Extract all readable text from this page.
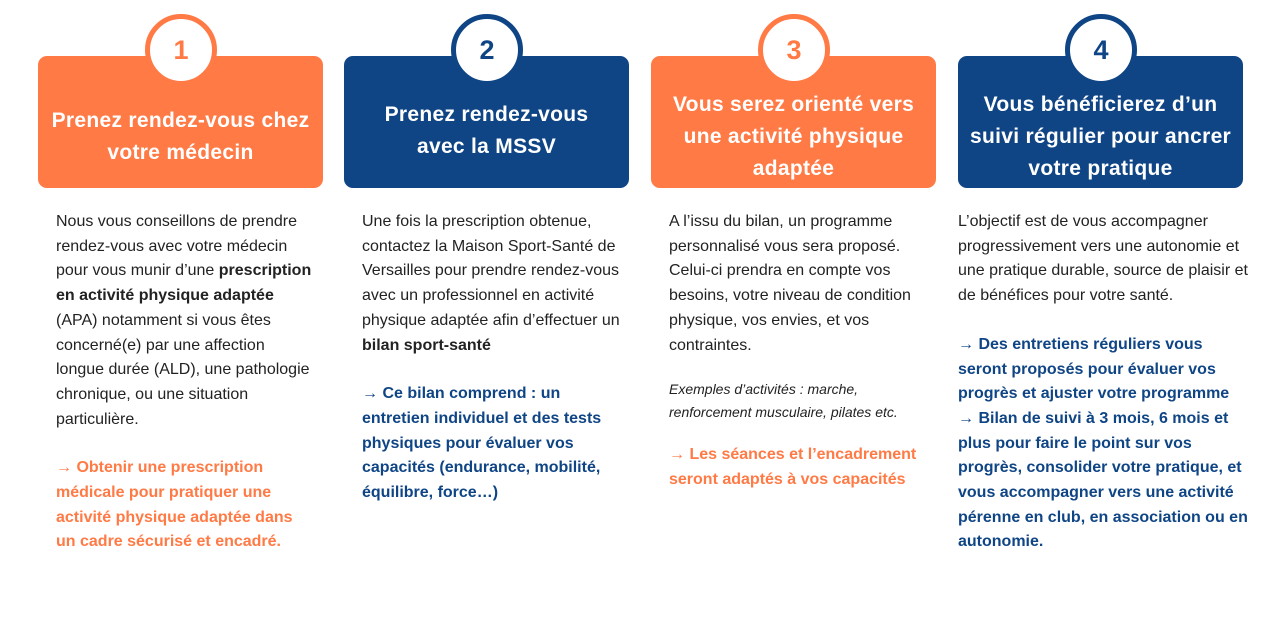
Prenez rendez-vous chez votre médecin
1

Nous vous conseillons de prendre rendez-vous avec votre médecin pour vous munir d’une prescription en activité physique adaptée (APA) notamment si vous êtes concerné(e) par une affection longue durée (ALD), une pathologie chronique, ou une situation particulière.

→ Obtenir une prescription médicale pour pratiquer une activité physique adaptée dans un cadre sécurisé et encadré.

Prenez rendez-vous avec la MSSV
2

Une fois la prescription obtenue, contactez la Maison Sport-Santé de Versailles pour prendre rendez-vous avec un professionnel en activité physique adaptée afin d’effectuer un bilan sport-santé

→ Ce bilan comprend : un entretien individuel et des tests physiques pour évaluer vos capacités (endurance, mobilité, équilibre, force…)

Vous serez orienté vers une activité physique adaptée
3

A l’issu du bilan, un programme personnalisé vous sera proposé. Celui-ci prendra en compte vos besoins, votre niveau de condition physique, vos envies, et vos contraintes.

Exemples d’activités : marche, renforcement musculaire, pilates etc.

→ Les séances et l’encadrement seront adaptés à vos capacités

Vous bénéficierez d’un suivi régulier pour ancrer votre pratique
4

L’objectif est de vous accompagner progressivement vers une autonomie et une pratique durable, source de plaisir et de bénéfices pour votre santé.

→ Des entretiens réguliers vous seront proposés pour évaluer vos progrès et ajuster votre programme

→ Bilan de suivi à 3 mois, 6 mois et plus pour faire le point sur vos progrès, consolider votre pratique, et vous accompagner vers une activité pérenne en club, en association ou en autonomie.
